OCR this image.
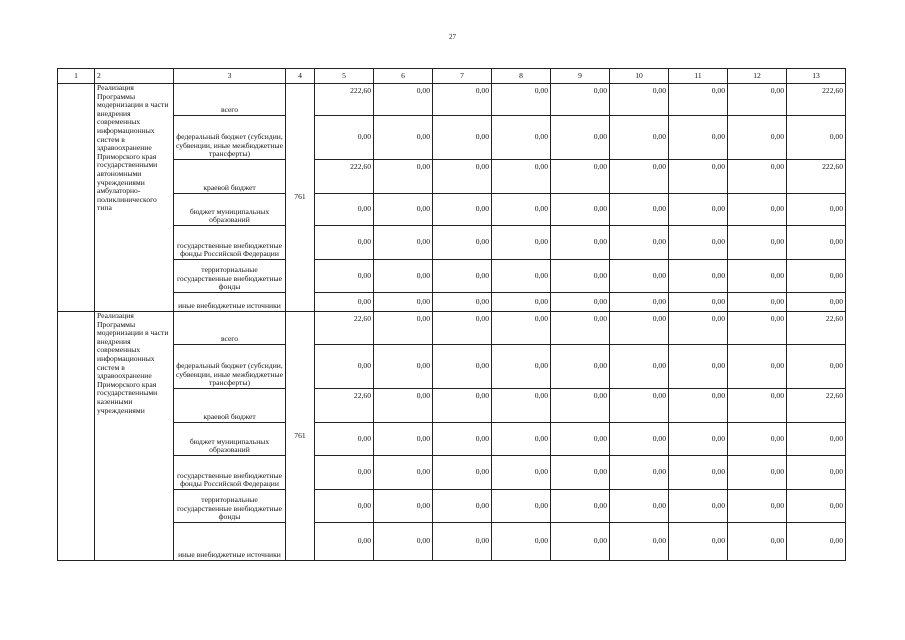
27
1	2	3	4	5	6	7	8	9	10	11	12	13
	Реализация Программы модернизации в части внедрения современных информационных систем в здравоохранение Приморского края государственными автономными учреждениями амбулаторно-поликлинического типа	всего	761	222,60	0,00	0,00	0,00	0,00	0,00	0,00	0,00	222,60
		федеральный бюджет (субсидии, субвенции, иные межбюджетные трансферты)		0,00	0,00	0,00	0,00	0,00	0,00	0,00	0,00	0,00
		краевой бюджет		222,60	0,00	0,00	0,00	0,00	0,00	0,00	0,00	222,60
		бюджет муниципальных образований		0,00	0,00	0,00	0,00	0,00	0,00	0,00	0,00	0,00
		государственные внебюджетные фонды Российской Федерации		0,00	0,00	0,00	0,00	0,00	0,00	0,00	0,00	0,00
		территориальные государственные внебюджетные фонды		0,00	0,00	0,00	0,00	0,00	0,00	0,00	0,00	0,00
		иные внебюджетные источники		0,00	0,00	0,00	0,00	0,00	0,00	0,00	0,00	0,00
	Реализация Программы модернизации в части внедрения современных информационных систем в здравоохранение Приморского края государственными казенными учреждениями	всего	761	22,60	0,00	0,00	0,00	0,00	0,00	0,00	0,00	22,60
		федеральный бюджет (субсидии, субвенции, иные межбюджетные трансферты)		0,00	0,00	0,00	0,00	0,00	0,00	0,00	0,00	0,00
		краевой бюджет		22,60	0,00	0,00	0,00	0,00	0,00	0,00	0,00	22,60
		бюджет муниципальных образований		0,00	0,00	0,00	0,00	0,00	0,00	0,00	0,00	0,00
		государственные внебюджетные фонды Российской Федерации		0,00	0,00	0,00	0,00	0,00	0,00	0,00	0,00	0,00
		территориальные государственные внебюджетные фонды		0,00	0,00	0,00	0,00	0,00	0,00	0,00	0,00	0,00
		иные внебюджетные источники		0,00	0,00	0,00	0,00	0,00	0,00	0,00	0,00	0,00
